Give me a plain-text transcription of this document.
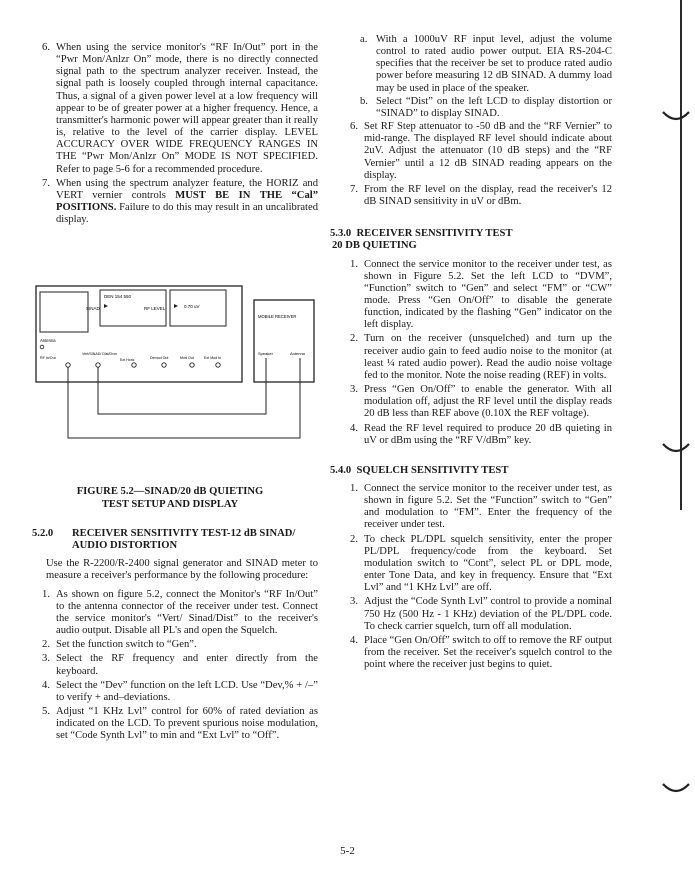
6. When using the service monitor's “RF In/Out” port in the “Pwr Mon/Anlzr On” mode, there is no directly connected signal path to the spectrum analyzer receiver. Instead, the signal path is loosely coupled through internal capacitance. Thus, a signal of a given power level at a low frequency will appear to be of greater power at a higher frequency. Hence, a transmitter's harmonic power will appear greater than it really is, relative to the level of the carrier display. LEVEL ACCURACY OVER WIDE FREQUENCY RANGES IN THE “Pwr Mon/Anlzr On” MODE IS NOT SPECIFIED. Refer to page 5-6 for a recommended procedure.
7. When using the spectrum analyzer feature, the HORIZ and VERT vernier controls MUST BE IN THE “Cal” POSITIONS. Failure to do this may result in an uncalibrated display.
DEN 154 550
SINAD	RF LEVEL	0.70 uV
Antenna
RF In/Out
Vert/SINAD/ Dist/Dvm
Ext Horiz	Demod Out	Mod Out	Ext Mod In
MOBILE RECEIVER
Speaker	Antenna
FIGURE 5.2—SINAD/20 dB QUIETING
TEST SETUP AND DISPLAY
5.2.0	RECEIVER SENSITIVITY TEST-12 dB SINAD/ AUDIO DISTORTION
Use the R-2200/R-2400 signal generator and SINAD meter to measure a receiver's performance by the following procedure:
1. As shown on figure 5.2, connect the Monitor's “RF In/Out” to the antenna connector of the receiver under test. Connect the service monitor's “Vert/ Sinad/Dist” to the receiver's audio output. Disable all PL's and open the Squelch.
2. Set the function switch to “Gen”.
3. Select the RF frequency and enter directly from the keyboard.
4. Select the “Dev” function on the left LCD. Use “Dev,% + /–” to verify + and–deviations.
5. Adjust “1 KHz Lvl” control for 60% of rated deviation as indicated on the LCD. To prevent spurious noise modulation, set “Code Synth Lvl” to min and “Ext Lvl” to “Off”.
a. With a 1000uV RF input level, adjust the volume control to rated audio power output. EIA RS-204-C specifies that the receiver be set to produce rated audio power before measuring 12 dB SINAD. A dummy load may be used in place of the speaker.
b. Select “Dist” on the left LCD to display distortion or “SINAD” to display SINAD.
6. Set RF Step attenuator to -50 dB and the “RF Vernier” to mid-range. The displayed RF level should indicate about 2uV. Adjust the attenuator (10 dB steps) and the “RF Vernier” until a 12 dB SINAD reading appears on the display.
7. From the RF level on the display, read the receiver's 12 dB SINAD sensitivity in uV or dBm.
5.3.0  RECEIVER SENSITIVITY TEST
20 DB QUIETING
1. Connect the service monitor to the receiver under test, as shown in Figure 5.2. Set the left LCD to “DVM”, “Function” switch to “Gen” and select “FM” or “CW” mode. Press “Gen On/Off” to disable the generate function, indicated by the flashing “Gen” indicator on the left display.
2. Turn on the receiver (unsquelched) and turn up the receiver audio gain to feed audio noise to the monitor (at least ¼ rated audio power). Read the audio noise voltage fed to the monitor. Note the noise reading (REF) in volts.
3. Press “Gen On/Off” to enable the generator. With all modulation off, adjust the RF level until the display reads 20 dB less than REF above (0.10X the REF voltage).
4. Read the RF level required to produce 20 dB quieting in uV or dBm using the “RF V/dBm” key.
5.4.0  SQUELCH SENSITIVITY TEST
1. Connect the service monitor to the receiver under test, as shown in figure 5.2. Set the “Function” switch to “Gen” and modulation to “FM”. Enter the frequency of the receiver under test.
2. To check PL/DPL squelch sensitivity, enter the proper PL/DPL frequency/code from the keyboard. Set modulation switch to “Cont”, select PL or DPL mode, enter Tone Data, and key in frequency. Ensure that “Ext Lvl” and “1 KHz Lvl” are off.
3. Adjust the “Code Synth Lvl” control to provide a nominal 750 Hz (500 Hz - 1 KHz) deviation of the PL/DPL code. To check carrier squelch, turn off all modulation.
4. Place “Gen On/Off” switch to off to remove the RF output from the receiver. Set the receiver's squelch control to the point where the receiver just begins to quiet.
5-2
